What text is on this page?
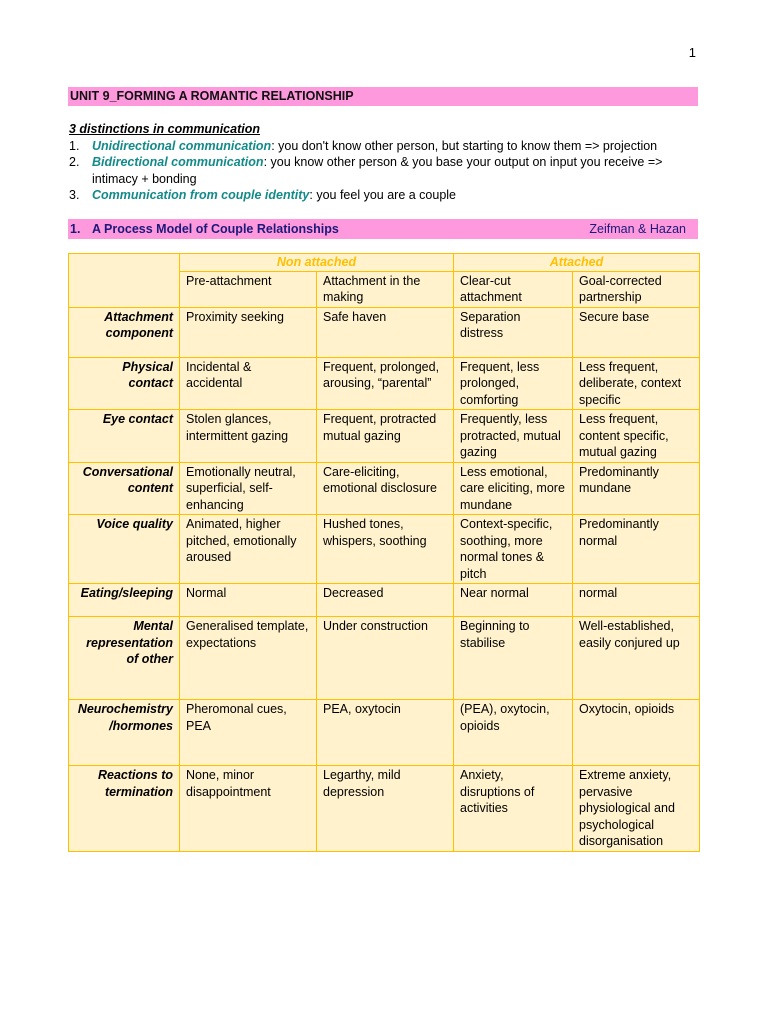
1
UNIT 9_FORMING A ROMANTIC RELATIONSHIP
3 distinctions in communication
1. Unidirectional communication: you don't know other person, but starting to know them => projection
2. Bidirectional communication: you know other person & you base your output on input you receive => intimacy + bonding
3. Communication from couple identity: you feel you are a couple
1. A Process Model of Couple Relationships	Zeifman & Hazan
	Non attached		Attached	
	Pre-attachment	Attachment in the making	Clear-cut attachment	Goal-corrected partnership
Attachment component	Proximity seeking	Safe haven	Separation distress	Secure base
Physical contact	Incidental & accidental	Frequent, prolonged, arousing, “parental”	Frequent, less prolonged, comforting	Less frequent, deliberate, context specific
Eye contact	Stolen glances, intermittent gazing	Frequent, protracted mutual gazing	Frequently, less protracted, mutual gazing	Less frequent, content specific, mutual gazing
Conversational content	Emotionally neutral, superficial, self-enhancing	Care-eliciting, emotional disclosure	Less emotional, care eliciting, more mundane	Predominantly mundane
Voice quality	Animated, higher pitched, emotionally aroused	Hushed tones, whispers, soothing	Context-specific, soothing, more normal tones & pitch	Predominantly normal
Eating/sleeping	Normal	Decreased	Near normal	normal
Mental representation of other	Generalised template, expectations	Under construction	Beginning to stabilise	Well-established, easily conjured up
Neurochemistry /hormones	Pheromonal cues, PEA	PEA, oxytocin	(PEA), oxytocin, opioids	Oxytocin, opioids
Reactions to termination	None, minor disappointment	Legarthy, mild depression	Anxiety, disruptions of activities	Extreme anxiety, pervasive physiological and psychological disorganisation
